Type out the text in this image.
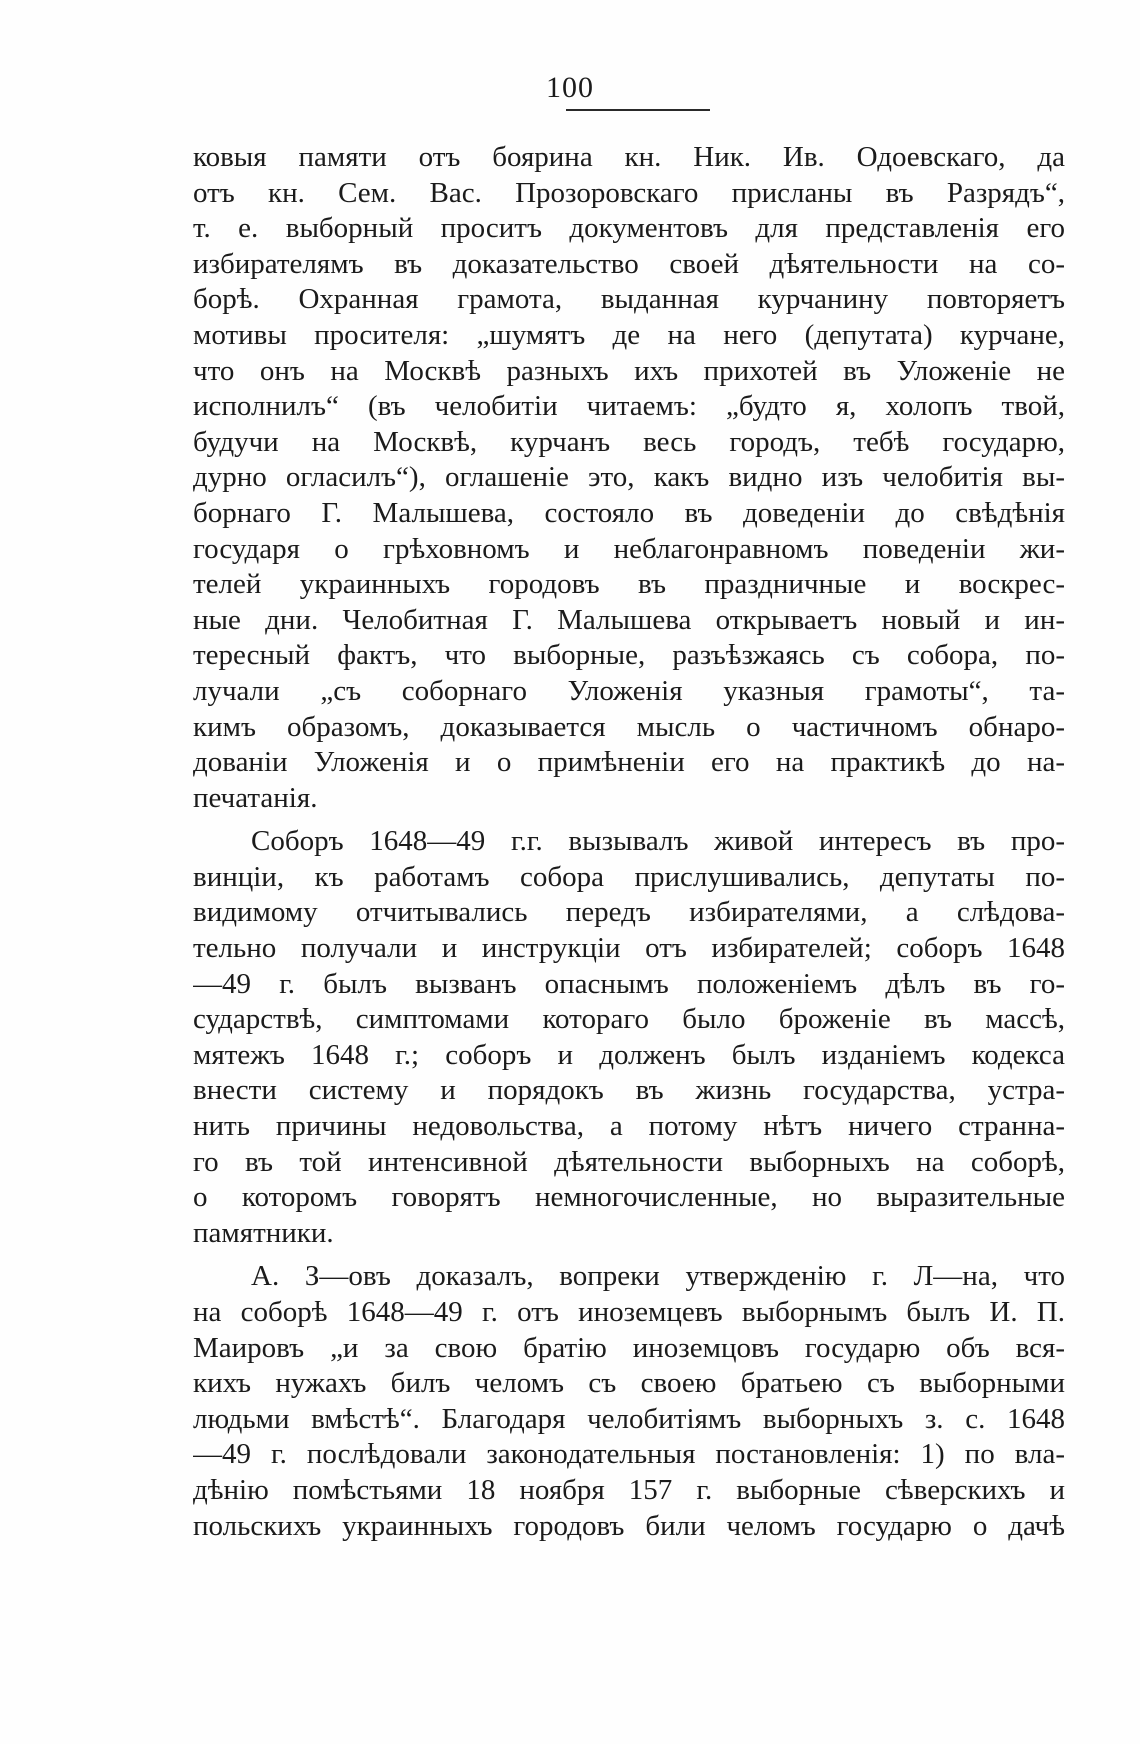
100
ковыя памяти отъ боярина кн. Ник. Ив. Одоевскаго, да
отъ кн. Сем. Вас. Прозоровскаго присланы въ Разрядъ“,
т. е. выборный проситъ документовъ для представленія его
избирателямъ въ доказательство своей дѣятельности на со-
борѣ. Охранная грамота, выданная курчанину повторяетъ
мотивы просителя: „шумятъ де на него (депутата) курчане,
что онъ на Москвѣ разныхъ ихъ прихотей въ Уложеніе не
исполнилъ“ (въ челобитіи читаемъ: „будто я, холопъ твой,
будучи на Москвѣ, курчанъ весь городъ, тебѣ государю,
дурно огласилъ“), оглашеніе это, какъ видно изъ челобитія вы-
борнаго Г. Малышева, состояло въ доведеніи до свѣдѣнія
государя о грѣховномъ и неблагонравномъ поведеніи жи-
телей украинныхъ городовъ въ праздничные и воскрес-
ные дни. Челобитная Г. Малышева открываетъ новый и ин-
тересный фактъ, что выборные, разъѣзжаясь съ собора, по-
лучали „съ соборнаго Уложенія указныя грамоты“, та-
кимъ образомъ, доказывается мысль о частичномъ обнаро-
дованіи Уложенія и о примѣненіи его на практикѣ до на-
печатанія.
Соборъ 1648—49 г.г. вызывалъ живой интересъ въ про-
винціи, къ работамъ собора прислушивались, депутаты по-
видимому отчитывались передъ избирателями, а слѣдова-
тельно получали и инструкціи отъ избирателей; соборъ 1648
—49 г. былъ вызванъ опаснымъ положеніемъ дѣлъ въ го-
сударствѣ, симптомами котораго было броженіе въ массѣ,
мятежъ 1648 г.; соборъ и долженъ былъ изданіемъ кодекса
внести систему и порядокъ въ жизнь государства, устра-
нить причины недовольства, а потому нѣтъ ничего странна-
го въ той интенсивной дѣятельности выборныхъ на соборѣ,
о которомъ говорятъ немногочисленные, но выразительные
памятники.
А. З—овъ доказалъ, вопреки утвержденію г. Л—на, что
на соборѣ 1648—49 г. отъ иноземцевъ выборнымъ былъ И. П.
Маировъ „и за свою братію иноземцовъ государю объ вся-
кихъ нужахъ билъ челомъ съ своею братьею съ выборными
людьми вмѣстѣ“. Благодаря челобитіямъ выборныхъ з. с. 1648
—49 г. послѣдовали законодательныя постановленія: 1) по вла-
дѣнію помѣстьями 18 ноября 157 г. выборные сѣверскихъ и
польскихъ украинныхъ городовъ били челомъ государю о дачѣ
